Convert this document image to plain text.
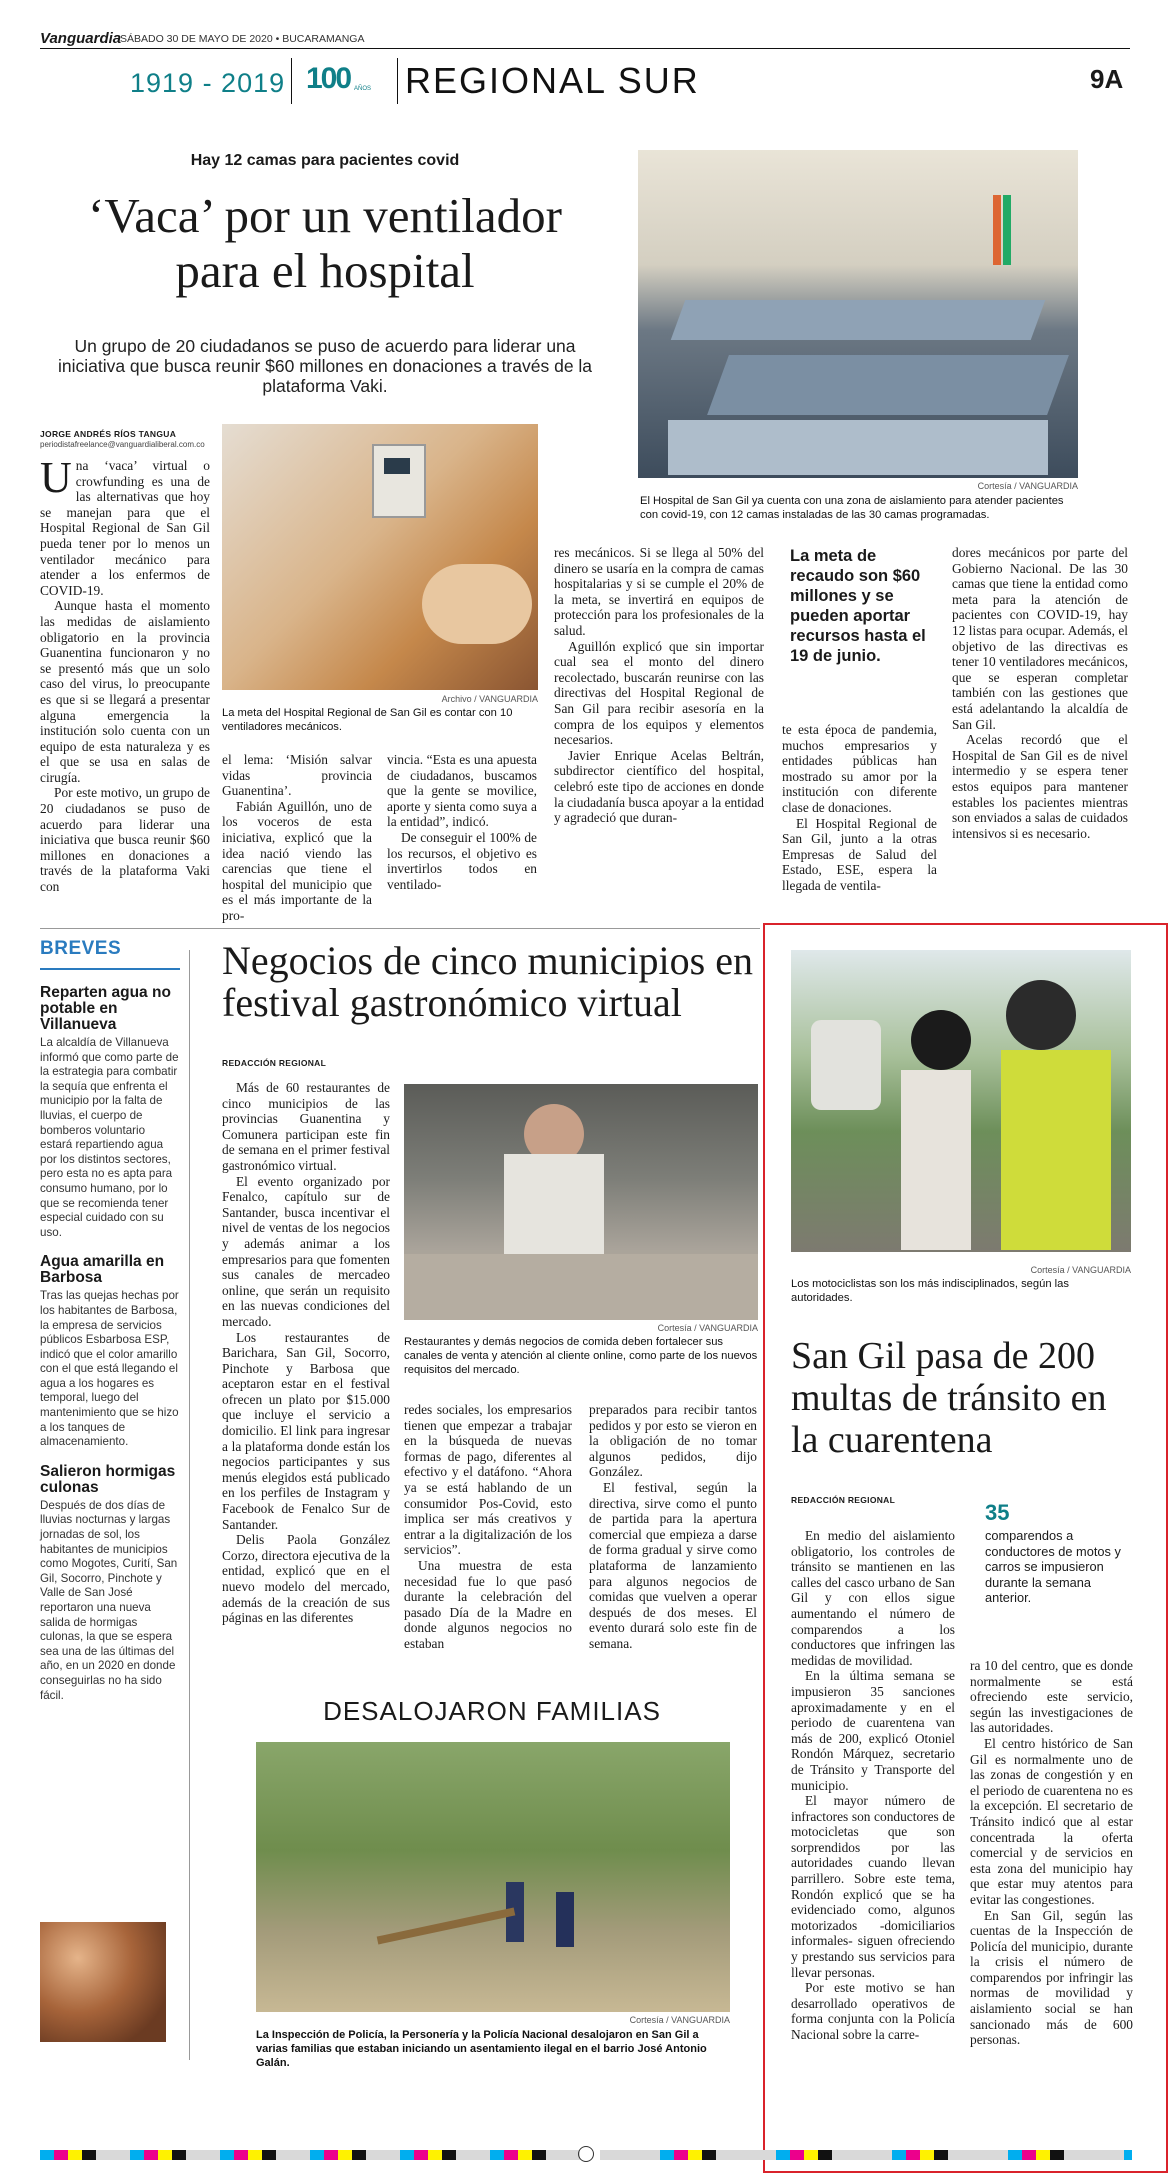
Vanguardia
SÁBADO 30 DE MAYO DE 2020 • BUCARAMANGA
1919 - 2019 100 AÑOS REGIONAL SUR	9A
Hay 12 camas para pacientes covid
‘Vaca’ por un ventilador para el hospital
Un grupo de 20 ciudadanos se puso de acuerdo para liderar una iniciativa que busca reunir $60 millones en donaciones a través de la plataforma Vaki.
Cortesía / VANGUARDIA
El Hospital de San Gil ya cuenta con una zona de aislamiento para atender pacientes con covid-19, con 12 camas instaladas de las 30 camas programadas.
JORGE ANDRÉS RÍOS TANGUA
periodistafreelance@vanguardialiberal.com.co

Una ‘vaca’ virtual o crowfunding es una de las alternativas que hoy se manejan para que el Hospital Regional de San Gil pueda tener por lo menos un ventilador mecánico para atender a los enfermos de COVID-19.

Aunque hasta el momento las medidas de aislamiento obligatorio en la provincia Guanentina funcionaron y no se presentó más que un solo caso del virus, lo preocupante es que si se llegará a presentar alguna emergencia la institución solo cuenta con un equipo de esta naturaleza y es el que se usa en salas de cirugía.

Por este motivo, un grupo de 20 ciudadanos se puso de acuerdo para liderar una iniciativa que busca reunir $60 millones en donaciones a través de la plataforma Vaki con

Archivo / VANGUARDIA
La meta del Hospital Regional de San Gil es contar con 10 ventiladores mecánicos.

el lema: ‘Misión salvar vidas provincia Guanentina’.

Fabián Aguillón, uno de los voceros de esta iniciativa, explicó que la idea nació viendo las carencias que tiene el hospital del municipio que es el más importante de la pro-

vincia. “Esta es una apuesta de ciudadanos, buscamos que la gente se movilice, aporte y sienta como suya a la entidad”, indicó.

De conseguir el 100% de los recursos, el objetivo es invertirlos todos en ventilado-

res mecánicos. Si se llega al 50% del dinero se usaría en la compra de camas hospitalarias y si se cumple el 20% de la meta, se invertirá en equipos de protección para los profesionales de la salud.

Aguillón explicó que sin importar cual sea el monto del dinero recolectado, buscarán reunirse con las directivas del Hospital Regional de San Gil para recibir asesoría en la compra de los equipos y elementos necesarios.

Javier Enrique Acelas Beltrán, subdirector científico del hospital, celebró este tipo de acciones en donde la ciudadanía busca apoyar a la entidad y agradeció que duran-

La meta de recaudo son $60 millones y se pueden aportar recursos hasta el 19 de junio.

te esta época de pandemia, muchos empresarios y entidades públicas han mostrado su amor por la institución con diferente clase de donaciones.

El Hospital Regional de San Gil, junto a la otras Empresas de Salud del Estado, ESE, espera la llegada de ventila-

dores mecánicos por parte del Gobierno Nacional. De las 30 camas que tiene la entidad como meta para la atención de pacientes con COVID-19, hay 12 listas para ocupar. Además, el objetivo de las directivas es tener 10 ventiladores mecánicos, que se esperan completar también con las gestiones que está adelantando la alcaldía de San Gil.

Acelas recordó que el Hospital de San Gil es de nivel intermedio y se espera tener estos equipos para mantener estables los pacientes mientras son enviados a salas de cuidados intensivos si es necesario.

BREVES
Reparten agua no potable en Villanueva
La alcaldía de Villanueva informó que como parte de la estrategia para combatir la sequía que enfrenta el municipio por la falta de lluvias, el cuerpo de bomberos voluntario estará repartiendo agua por los distintos sectores, pero esta no es apta para consumo humano, por lo que se recomienda tener especial cuidado con su uso.
Agua amarilla en Barbosa
Tras las quejas hechas por los habitantes de Barbosa, la empresa de servicios públicos Esbarbosa ESP, indicó que el color amarillo con el que está llegando el agua a los hogares es temporal, luego del mantenimiento que se hizo a los tanques de almacenamiento.
Salieron hormigas culonas
Después de dos días de lluvias nocturnas y largas jornadas de sol, los habitantes de municipios como Mogotes, Curití, San Gil, Socorro, Pinchote y Valle de San José reportaron una nueva salida de hormigas culonas, la que se espera sea una de las últimas del año, en un 2020 en donde conseguirlas no ha sido fácil.
Negocios de cinco municipios en festival gastronómico virtual
REDACCIÓN REGIONAL

Más de 60 restaurantes de cinco municipios de las provincias Guanentina y Comunera participan este fin de semana en el primer festival gastronómico virtual.

El evento organizado por Fenalco, capítulo sur de Santander, busca incentivar el nivel de ventas de los negocios y además animar a los empresarios para que fomenten sus canales de mercadeo online, que serán un requisito en las nuevas condiciones del mercado.

Los restaurantes de Barichara, San Gil, Socorro, Pinchote y Barbosa que aceptaron estar en el festival ofrecen un plato por $15.000 que incluye el servicio a domicilio. El link para ingresar a la plataforma donde están los negocios participantes y sus menús elegidos está publicado en los perfiles de Instagram y Facebook de Fenalco Sur de Santander.

Delis Paola González Corzo, directora ejecutiva de la entidad, explicó que en el nuevo modelo del mercado, además de la creación de sus páginas en las diferentes

Cortesía / VANGUARDIA
Restaurantes y demás negocios de comida deben fortalecer sus canales de venta y atención al cliente online, como parte de los nuevos requisitos del mercado.

redes sociales, los empresarios tienen que empezar a trabajar en la búsqueda de nuevas formas de pago, diferentes al efectivo y el datáfono. “Ahora ya se está hablando de un consumidor Pos-Covid, esto implica ser más creativos y entrar a la digitalización de los servicios”.

Una muestra de esta necesidad fue lo que pasó durante la celebración del pasado Día de la Madre en donde algunos negocios no estaban

preparados para recibir tantos pedidos y por esto se vieron en la obligación de no tomar algunos pedidos, dijo González.

El festival, según la directiva, sirve como el punto de partida para la apertura comercial que empieza a darse de forma gradual y sirve como plataforma de lanzamiento para algunos negocios de comidas que vuelven a operar después de dos meses. El evento durará solo este fin de semana.

DESALOJARON FAMILIAS
Cortesía / VANGUARDIA
La Inspección de Policía, la Personería y la Policía Nacional desalojaron en San Gil a varias familias que estaban iniciando un asentamiento ilegal en el barrio José Antonio Galán.
Cortesía / VANGUARDIA
Los motociclistas son los más indisciplinados, según las autoridades.
San Gil pasa de 200 multas de tránsito en la cuarentena
REDACCIÓN REGIONAL	35
comparendos a conductores de motos y carros se impusieron durante la semana anterior.

En medio del aislamiento obligatorio, los controles de tránsito se mantienen en las calles del casco urbano de San Gil y con ellos sigue aumentando el número de comparendos a los conductores que infringen las medidas de movilidad.

En la última semana se impusieron 35 sanciones aproximadamente y en el periodo de cuarentena van más de 200, explicó Otoniel Rondón Márquez, secretario de Tránsito y Transporte del municipio.

El mayor número de infractores son conductores de motocicletas que son sorprendidos por las autoridades cuando llevan parrillero. Sobre este tema, Rondón explicó que se ha evidenciado como, algunos motorizados -domiciliarios informales- siguen ofreciendo y prestando sus servicios para llevar personas.

Por este motivo se han desarrollado operativos de forma conjunta con la Policía Nacional sobre la carre-

ra 10 del centro, que es donde normalmente se está ofreciendo este servicio, según las investigaciones de las autoridades.

El centro histórico de San Gil es normalmente uno de las zonas de congestión y en el periodo de cuarentena no es la excepción. El secretario de Tránsito indicó que al estar concentrada la oferta comercial y de servicios en esta zona del municipio hay que estar muy atentos para evitar las congestiones.

En San Gil, según las cuentas de la Inspección de Policía del municipio, durante la crisis el número de comparendos por infringir las normas de movilidad y aislamiento social se han sancionado más de 600 personas.
